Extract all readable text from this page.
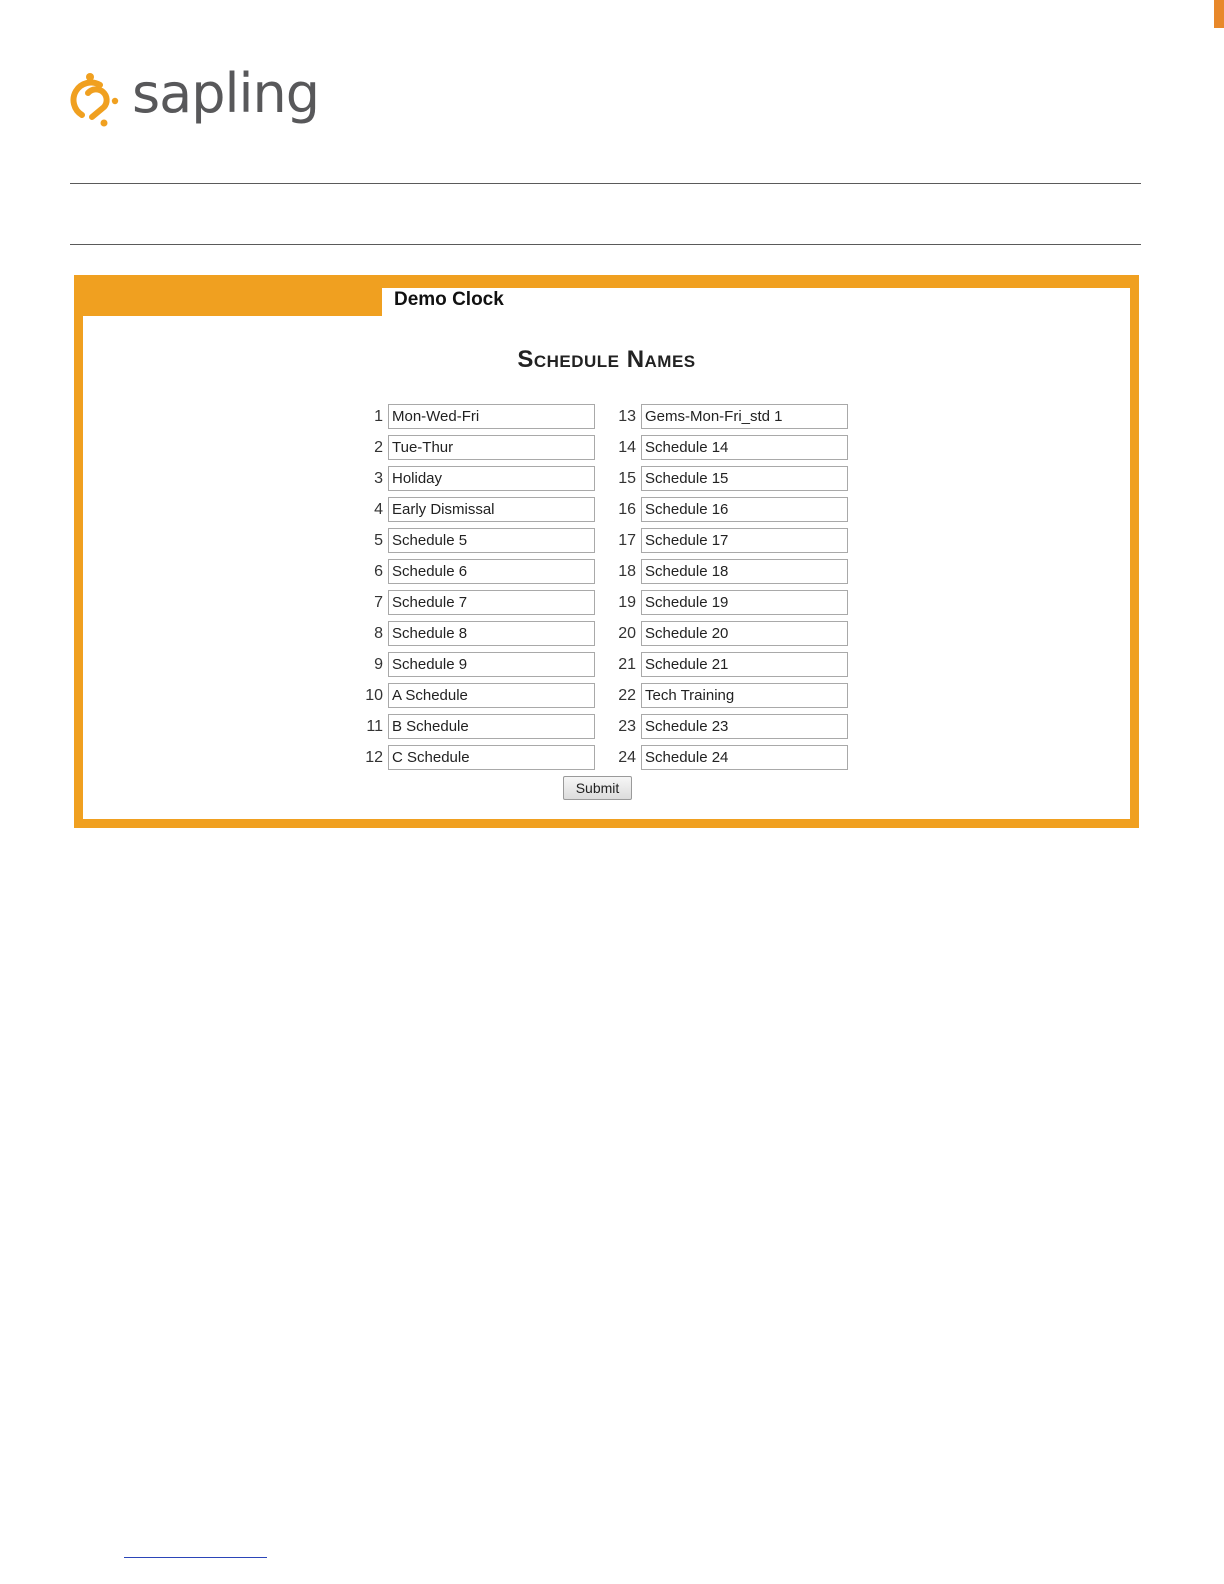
sapling
Demo Clock
Schedule Names
1
Mon-Wed-Fri
2
Tue-Thur
3
Holiday
4
Early Dismissal
5
Schedule 5
6
Schedule 6
7
Schedule 7
8
Schedule 8
9
Schedule 9
10
A Schedule
11
B Schedule
12
C Schedule
13
Gems-Mon-Fri_std 1
14
Schedule 14
15
Schedule 15
16
Schedule 16
17
Schedule 17
18
Schedule 18
19
Schedule 19
20
Schedule 20
21
Schedule 21
22
Tech Training
23
Schedule 23
24
Schedule 24
Submit
